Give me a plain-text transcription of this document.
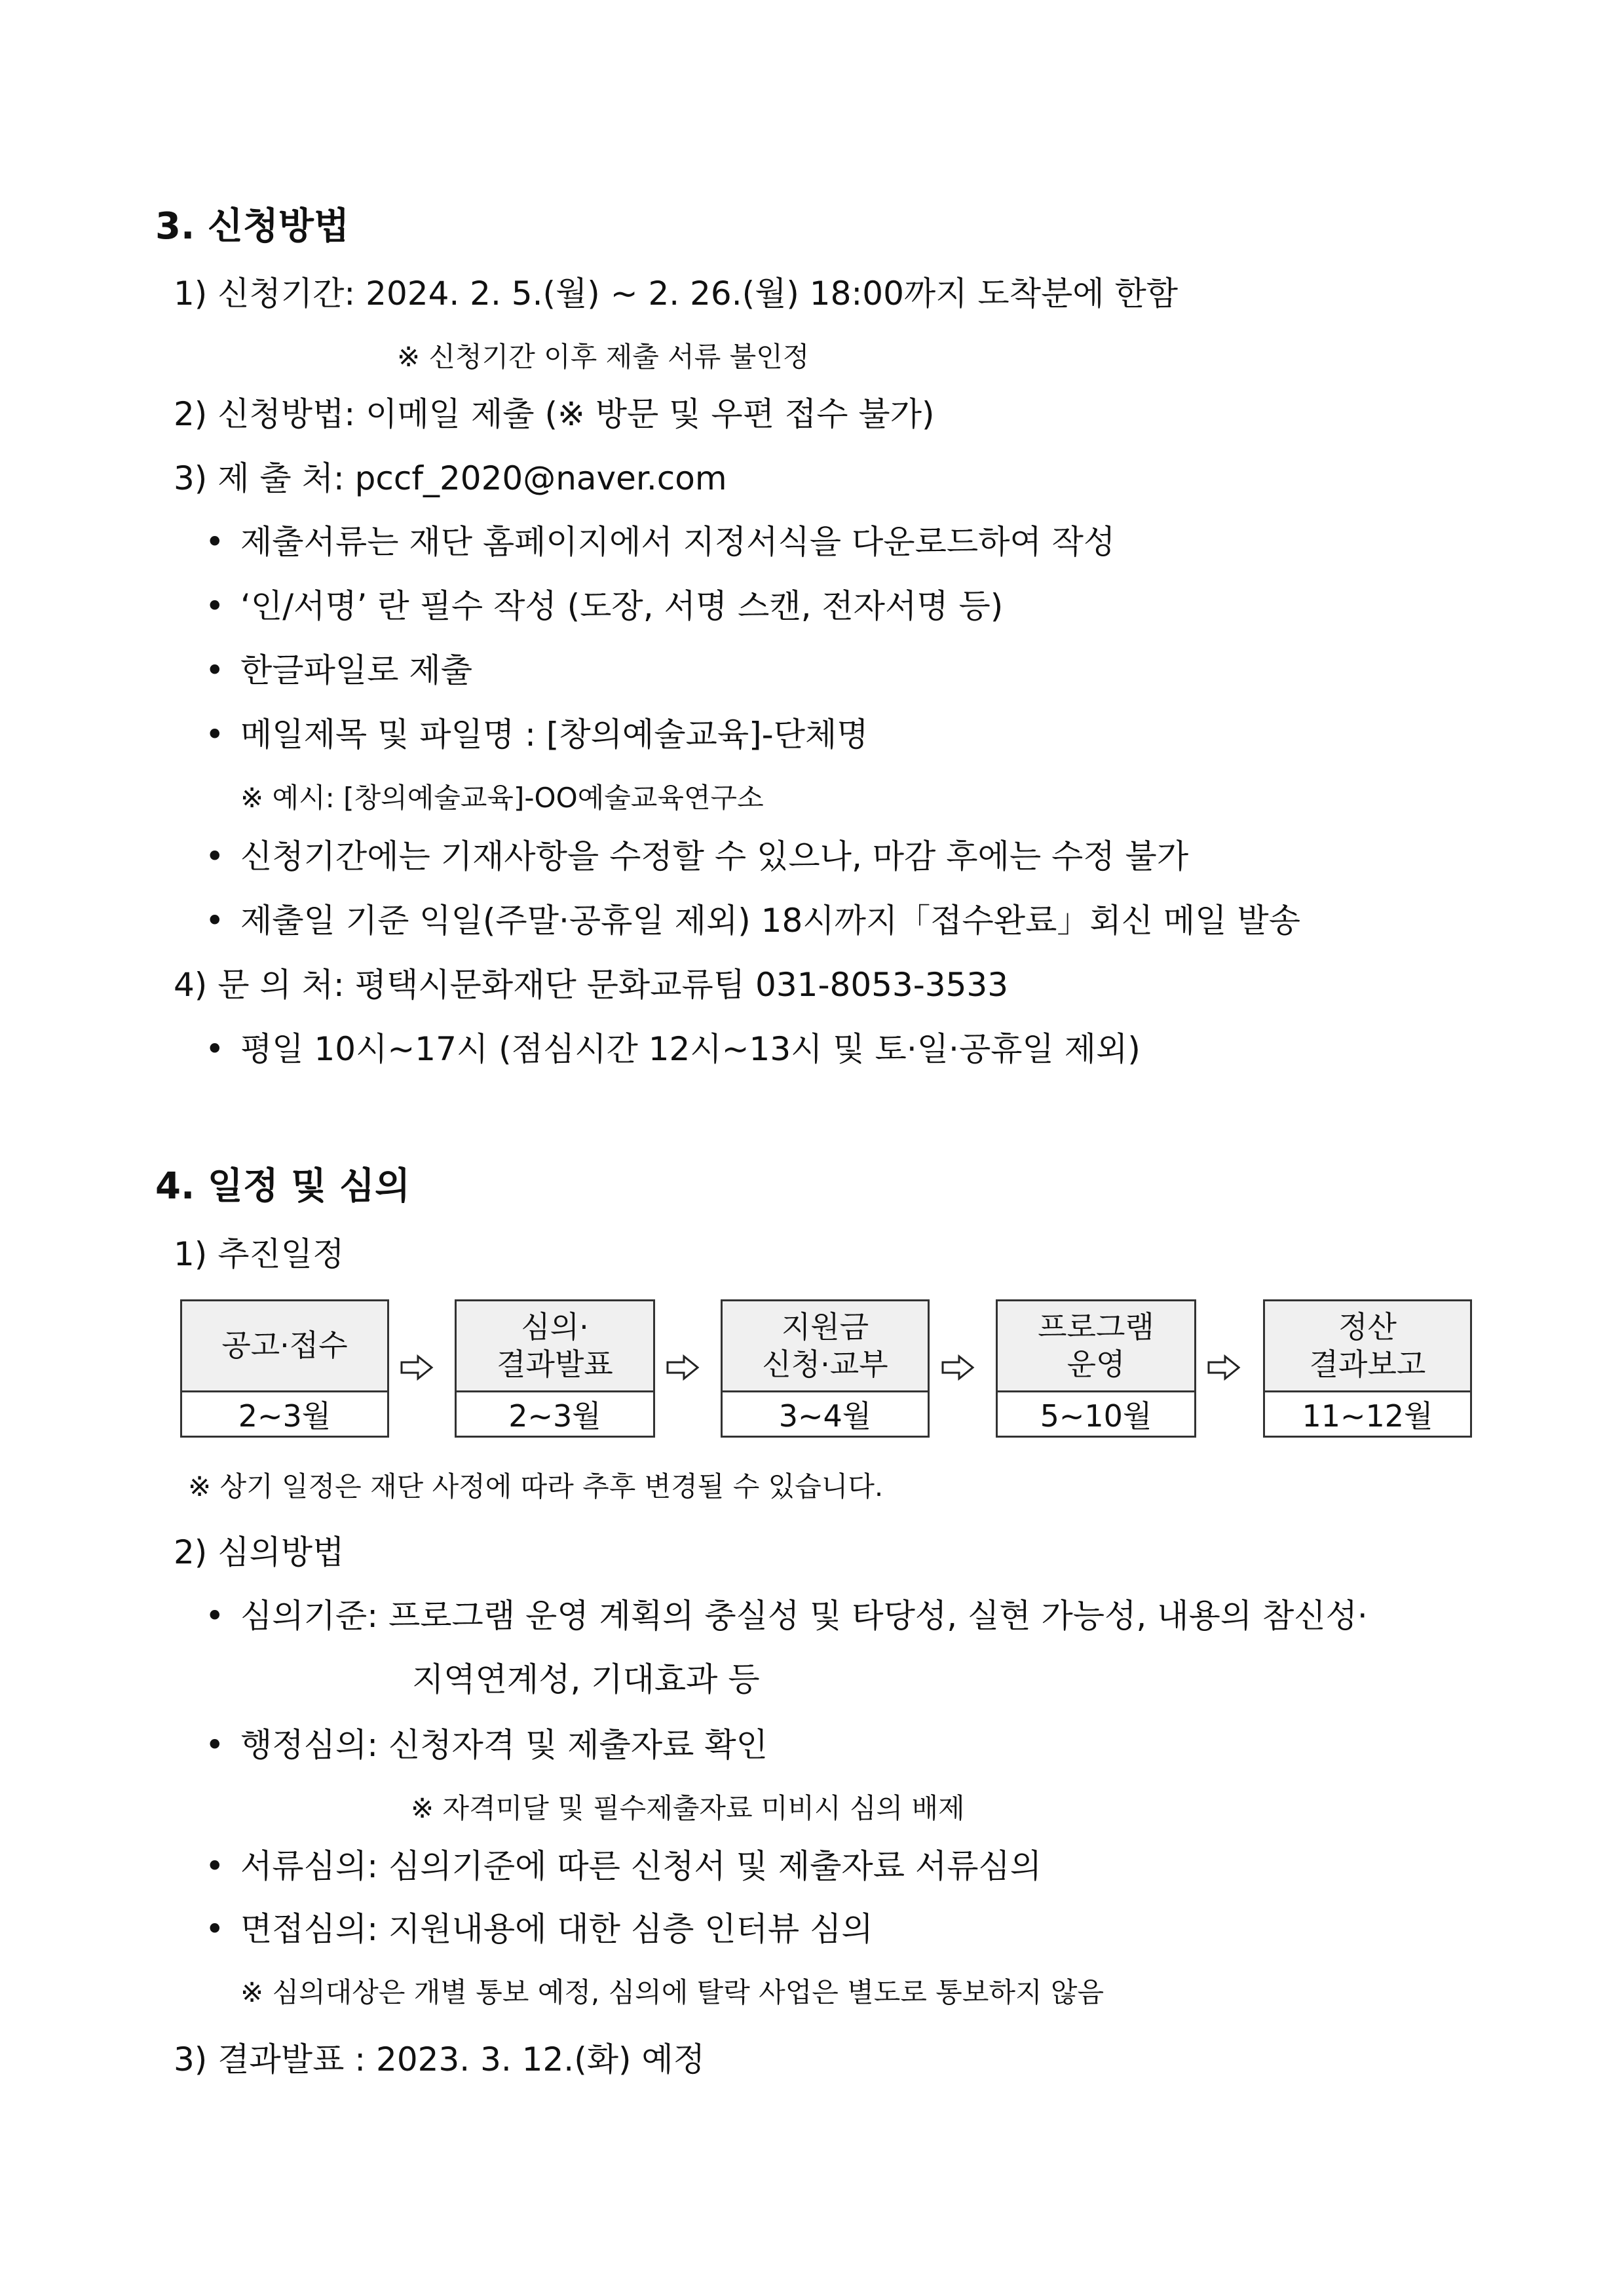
3. 신청방법
1) 신청기간: 2024. 2. 5.(월) ~ 2. 26.(월) 18:00까지 도착분에 한함
※ 신청기간 이후 제출 서류 불인정
2) 신청방법: 이메일 제출 (※ 방문 및 우편 접수 불가)
3) 제 출 처: pccf_2020@naver.com
• 제출서류는 재단 홈페이지에서 지정서식을 다운로드하여 작성
• ‘인/서명’ 란 필수 작성 (도장, 서명 스캔, 전자서명 등)
• 한글파일로 제출
• 메일제목 및 파일명 : [창의예술교육]-단체명
※ 예시: [창의예술교육]-OO예술교육연구소
• 신청기간에는 기재사항을 수정할 수 있으나, 마감 후에는 수정 불가
• 제출일 기준 익일(주말·공휴일 제외) 18시까지「접수완료」회신 메일 발송
4) 문 의 처: 평택시문화재단 문화교류팀 031-8053-3533
• 평일 10시~17시 (점심시간 12시~13시 및 토·일·공휴일 제외)
4. 일정 및 심의
1) 추진일정
공고·접수
2~3월
심의·
결과발표
2~3월
지원금
신청·교부
3~4월
프로그램
운영
5~10월
정산
결과보고
11~12월
※ 상기 일정은 재단 사정에 따라 추후 변경될 수 있습니다.
2) 심의방법
• 심의기준: 프로그램 운영 계획의 충실성 및 타당성, 실현 가능성, 내용의 참신성·
지역연계성, 기대효과 등
• 행정심의: 신청자격 및 제출자료 확인
※ 자격미달 및 필수제출자료 미비시 심의 배제
• 서류심의: 심의기준에 따른 신청서 및 제출자료 서류심의
• 면접심의: 지원내용에 대한 심층 인터뷰 심의
※ 심의대상은 개별 통보 예정, 심의에 탈락 사업은 별도로 통보하지 않음
3) 결과발표 : 2023. 3. 12.(화) 예정
